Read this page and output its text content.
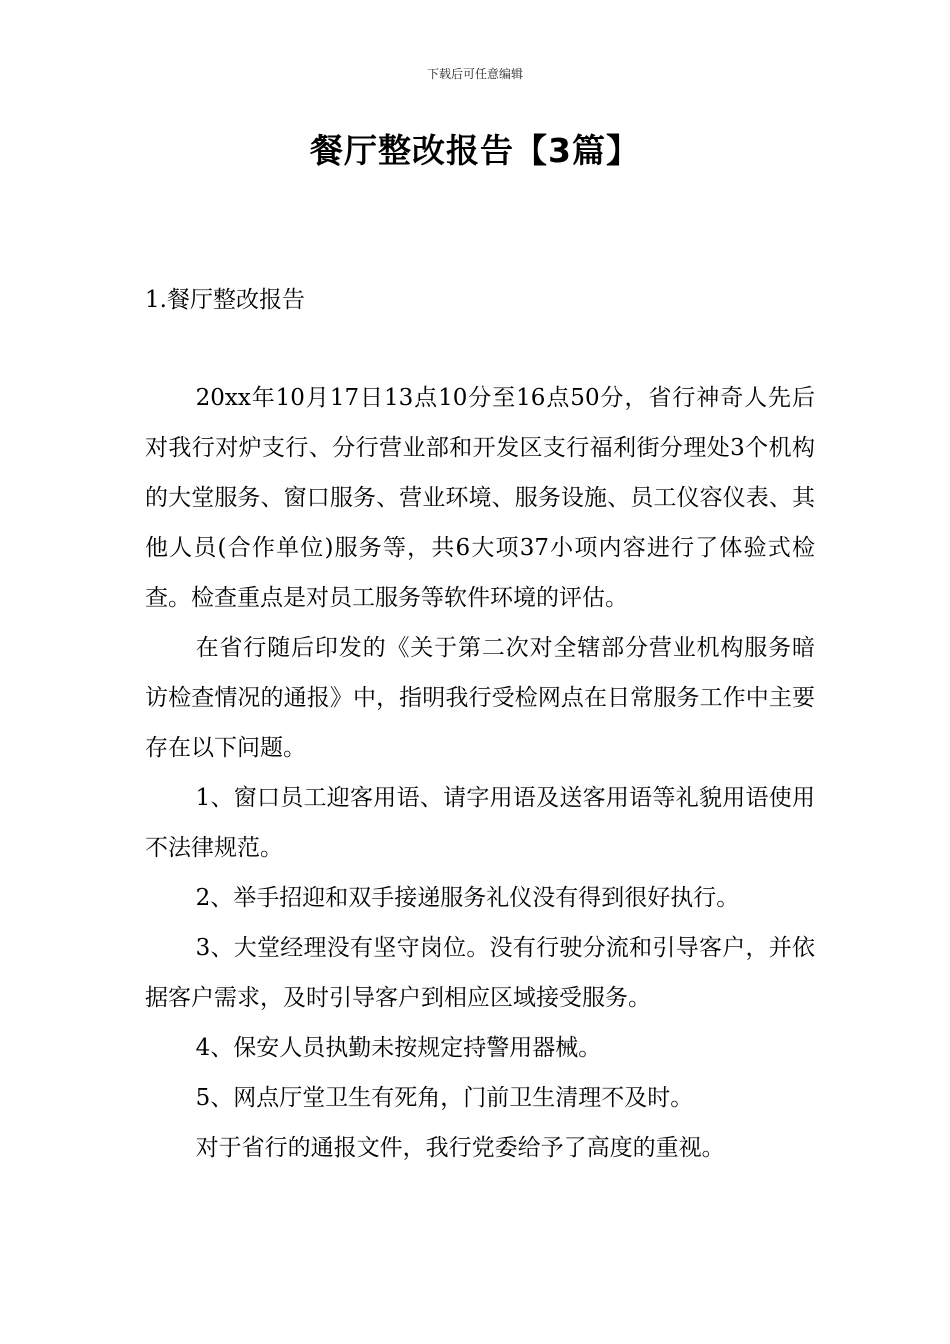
下载后可任意编辑
餐厅整改报告【3篇】
1.餐厅整改报告

20xx年10月17日13点10分至16点50分，省行神奇人先后对我行对炉支行、分行营业部和开发区支行福利街分理处3个机构的大堂服务、窗口服务、营业环境、服务设施、员工仪容仪表、其他人员(合作单位)服务等，共6大项37小项内容进行了体验式检查。检查重点是对员工服务等软件环境的评估。

在省行随后印发的《关于第二次对全辖部分营业机构服务暗访检查情况的通报》中，指明我行受检网点在日常服务工作中主要存在以下问题。

1、窗口员工迎客用语、请字用语及送客用语等礼貌用语使用不法律规范。

2、举手招迎和双手接递服务礼仪没有得到很好执行。

3、大堂经理没有坚守岗位。没有行驶分流和引导客户，并依据客户需求，及时引导客户到相应区域接受服务。

4、保安人员执勤未按规定持警用器械。

5、网点厅堂卫生有死角，门前卫生清理不及时。

对于省行的通报文件，我行党委给予了高度的重视。
